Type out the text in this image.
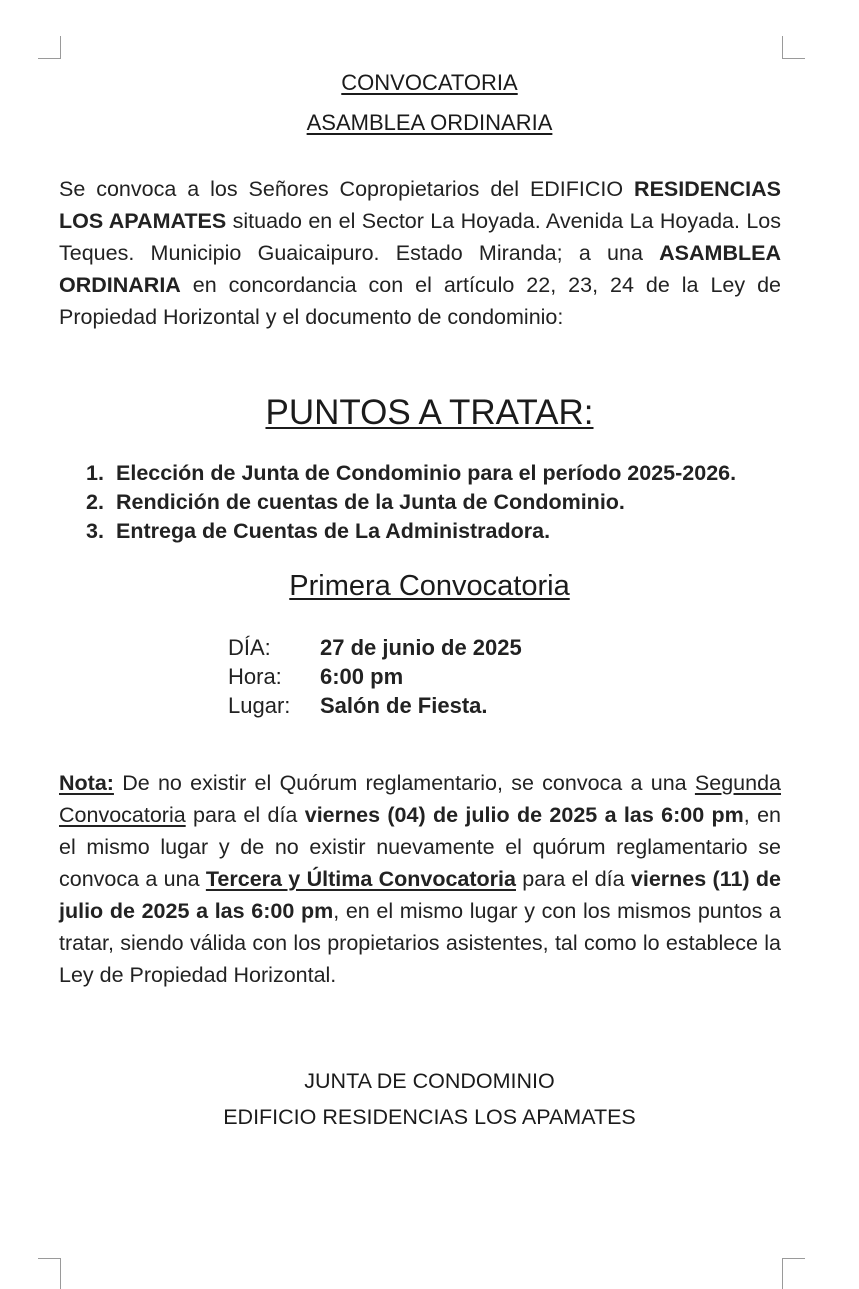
CONVOCATORIA
ASAMBLEA ORDINARIA
Se convoca a los Señores Copropietarios del EDIFICIO RESIDENCIAS LOS APAMATES situado en el Sector La Hoyada. Avenida La Hoyada. Los Teques. Municipio Guaicaipuro. Estado Miranda; a una ASAMBLEA ORDINARIA en concordancia con el artículo 22, 23, 24 de la Ley de Propiedad Horizontal y el documento de condominio:
PUNTOS A TRATAR:
1. Elección de Junta de Condominio para el período 2025-2026.
2. Rendición de cuentas de la Junta de Condominio.
3. Entrega de Cuentas de La Administradora.
Primera Convocatoria
DÍA: 27 de junio de 2025
Hora: 6:00 pm
Lugar: Salón de Fiesta.
Nota: De no existir el Quórum reglamentario, se convoca a una Segunda Convocatoria para el día viernes (04) de julio de 2025 a las 6:00 pm, en el mismo lugar y de no existir nuevamente el quórum reglamentario se convoca a una Tercera y Última Convocatoria para el día viernes (11) de julio de 2025 a las 6:00 pm, en el mismo lugar y con los mismos puntos a tratar, siendo válida con los propietarios asistentes, tal como lo establece la Ley de Propiedad Horizontal.
JUNTA DE CONDOMINIO
EDIFICIO RESIDENCIAS LOS APAMATES
